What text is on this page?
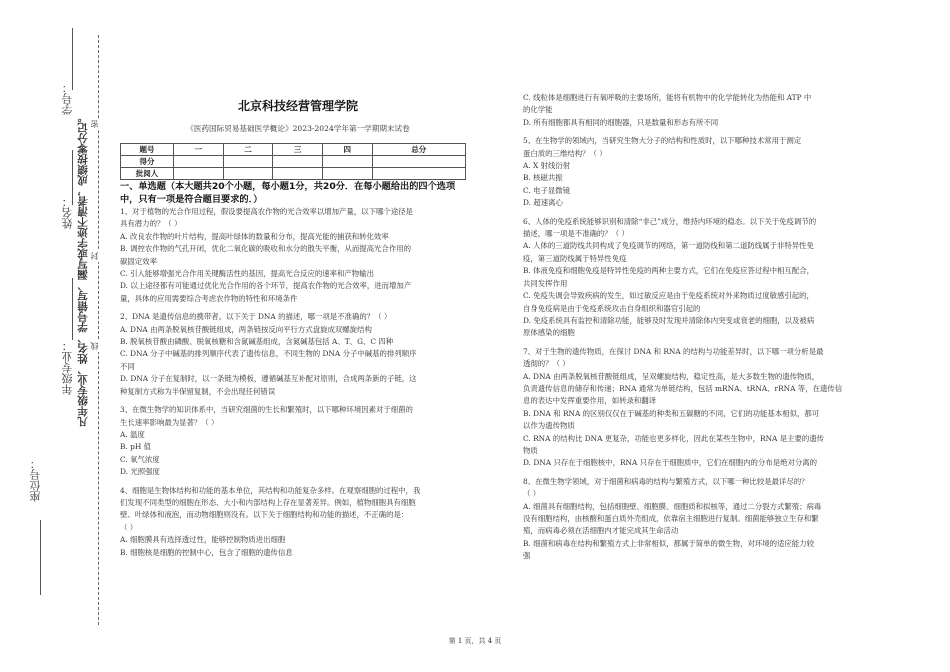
学号：
姓名：
年级专业：
座位号：
凡年级专业、姓名、学号错写、漏写或字迹不清者，成绩按零分记。 密
封
线
北京科技经营管理学院
《医药国际贸易基础医学概论》2023-2024学年第一学期期末试卷
题号	一	二	三	四	总分
得分					
批阅人					
一、单选题（本大题共20个小题，每小题1分，共20分．在每小题给出的四个选项中，只有一项是符合题目要求的．）

1、对于植物的光合作用过程，假设要提高农作物的光合效率以增加产量，以下哪个途径是

具有潜力的？（ ）

A. 改良农作物的叶片结构，提高叶绿体的数量和分布，提高光能的捕获和转化效率

B. 调控农作物的气孔开闭，优化二氧化碳的吸收和水分的散失平衡，从而提高光合作用的

碳固定效率

C. 引入能够增强光合作用关键酶活性的基因，提高光合反应的速率和产物输出

D. 以上途径都有可能通过优化光合作用的各个环节，提高农作物的光合效率，进而增加产

量，具体的应用需要综合考虑农作物的特性和环境条件

2、DNA 是遗传信息的携带者。以下关于 DNA 的描述，哪一项是不准确的？（ ）

A. DNA 由两条脱氧核苷酸链组成，两条链按反向平行方式盘旋成双螺旋结构

B. 脱氧核苷酸由磷酸、脱氧核糖和含氮碱基组成，含氮碱基包括 A、T、G、C 四种

C. DNA 分子中碱基的排列顺序代表了遗传信息，不同生物的 DNA 分子中碱基的排列顺序

不同

D. DNA 分子在复制时，以一条链为模板，遵循碱基互补配对原则，合成两条新的子链，这

种复制方式称为半保留复制，不会出现任何错误

3、在微生物学的知识体系中，当研究细菌的生长和繁殖时，以下哪种环境因素对于细菌的

生长速率影响最为显著？（ ）

A. 温度

B. pH 值

C. 氧气浓度

D. 光照强度

4、细胞是生物体结构和功能的基本单位，其结构和功能复杂多样。在观察细胞的过程中，我

们发现不同类型的细胞在形态、大小和内部结构上存在显著差异。例如，植物细胞具有细胞

壁、叶绿体和液泡，而动物细胞则没有。以下关于细胞结构和功能的描述，不正确的是：

（ ）

A. 细胞膜具有选择透过性，能够控制物质进出细胞

B. 细胞核是细胞的控制中心，包含了细胞的遗传信息

C. 线粒体是细胞进行有氧呼吸的主要场所，能将有机物中的化学能转化为热能和 ATP 中

的化学能

D. 所有细胞都具有相同的细胞器，只是数量和形态有所不同

5、在生物学的领域内，当研究生物大分子的结构和性质时，以下哪种技术常用于测定

蛋白质的三维结构？（ ）

A. X 射线衍射

B. 核磁共振

C. 电子显微镜

D. 超速离心

6、人体的免疫系统能够识别和清除“非己”成分，维持内环境的稳态。以下关于免疫调节的

描述，哪一项是不准确的？（ ）

A. 人体的三道防线共同构成了免疫调节的网络，第一道防线和第二道防线属于非特异性免

疫，第三道防线属于特异性免疫

B. 体液免疫和细胞免疫是特异性免疫的两种主要方式，它们在免疫应答过程中相互配合，

共同发挥作用

C. 免疫失调会导致疾病的发生，如过敏反应是由于免疫系统对外来物质过度敏感引起的，

自身免疫病是由于免疫系统攻击自身组织和器官引起的

D. 免疫系统具有监控和清除功能，能够及时发现并清除体内突变或衰老的细胞，以及被病

原体感染的细胞

7、对于生物的遗传物质，在探讨 DNA 和 RNA 的结构与功能差异时，以下哪一项分析是最

透彻的？（ ）

A. DNA 由两条脱氧核苷酸链组成，呈双螺旋结构，稳定性高，是大多数生物的遗传物质，

负责遗传信息的储存和传递；RNA 通常为单链结构，包括 mRNA、tRNA、rRNA 等，在遗传信

息的表达中发挥重要作用，如转录和翻译

B. DNA 和 RNA 的区别仅仅在于碱基的种类和五碳糖的不同，它们的功能基本相似，都可

以作为遗传物质

C. RNA 的结构比 DNA 更复杂，功能也更多样化，因此在某些生物中，RNA 是主要的遗传

物质

D. DNA 只存在于细胞核中，RNA 只存在于细胞质中，它们在细胞内的分布是绝对分离的

8、在微生物学领域，对于细菌和病毒的结构与繁殖方式，以下哪一种比较是最详尽的？

（ ）

A. 细菌具有细胞结构，包括细胞壁、细胞膜、细胞质和拟核等，通过二分裂方式繁殖；病毒

没有细胞结构，由核酸和蛋白质外壳组成，依靠宿主细胞进行复制。细菌能够独立生存和繁

殖，而病毒必须在活细胞内才能完成其生命活动

B. 细菌和病毒在结构和繁殖方式上非常相似，都属于简单的微生物，对环境的适应能力较

强

第 1 页，共 4 页
